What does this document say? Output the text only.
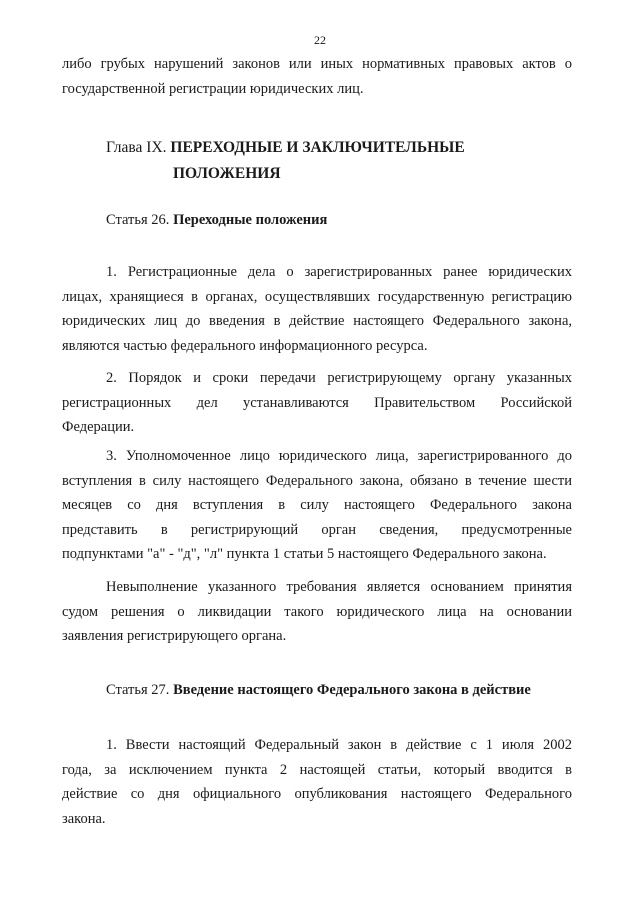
22
либо грубых нарушений законов или иных нормативных правовых актов о
государственной регистрации юридических лиц.
Глава IX. ПЕРЕХОДНЫЕ И ЗАКЛЮЧИТЕЛЬНЫЕ
ПОЛОЖЕНИЯ
Статья 26. Переходные положения
1. Регистрационные дела о зарегистрированных ранее юридических
лицах, хранящиеся в органах, осуществлявших государственную регистрацию
юридических лиц до введения в действие настоящего Федерального закона,
являются частью федерального информационного ресурса.
2. Порядок и сроки передачи регистрирующему органу указанных
регистрационных дел устанавливаются Правительством Российской
Федерации.
3. Уполномоченное лицо юридического лица, зарегистрированного до
вступления в силу настоящего Федерального закона, обязано в течение шести
месяцев со дня вступления в силу настоящего Федерального закона
представить в регистрирующий орган сведения, предусмотренные
подпунктами "а" - "д", "л" пункта 1 статьи 5 настоящего Федерального закона.
Невыполнение указанного требования является основанием принятия
судом решения о ликвидации такого юридического лица на основании
заявления регистрирующего органа.
Статья 27. Введение настоящего Федерального закона в действие
1. Ввести настоящий Федеральный закон в действие с 1 июля 2002
года, за исключением пункта 2 настоящей статьи, который вводится в
действие со дня официального опубликования настоящего Федерального
закона.
